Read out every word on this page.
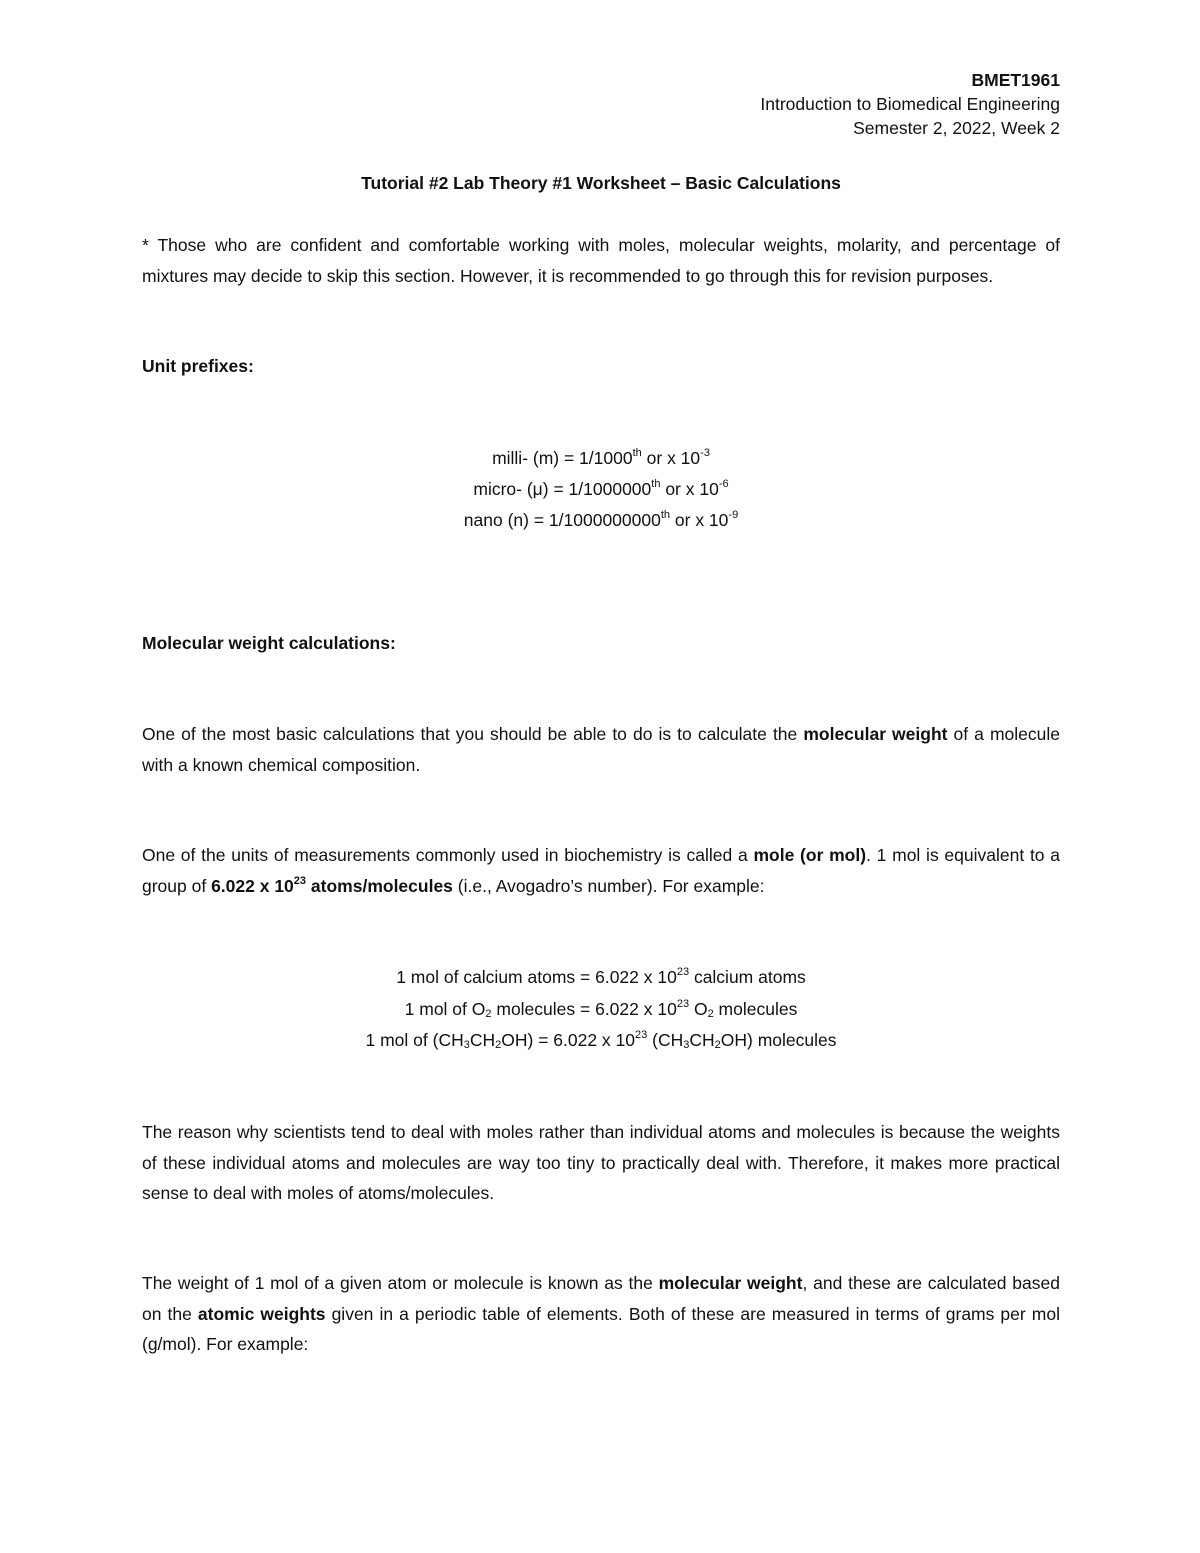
BMET1961
Introduction to Biomedical Engineering
Semester 2, 2022, Week 2
Tutorial #2 Lab Theory #1 Worksheet – Basic Calculations
* Those who are confident and comfortable working with moles, molecular weights, molarity, and percentage of mixtures may decide to skip this section. However, it is recommended to go through this for revision purposes.
Unit prefixes:
milli- (m) = 1/1000th or x $10^{-3}$
micro- (μ) = 1/1000000th or x $10^{-6}$
nano (n) = 1/1000000000th or x $10^{-9}$
Molecular weight calculations:
One of the most basic calculations that you should be able to do is to calculate the molecular weight of a molecule with a known chemical composition.
One of the units of measurements commonly used in biochemistry is called a mole (or mol). 1 mol is equivalent to a group of 6.022 x $10^{23}$ atoms/molecules (i.e., Avogadro’s number). For example:
1 mol of calcium atoms = 6.022 x $10^{23}$ calcium atoms
1 mol of $O_2$ molecules = 6.022 x $10^{23}$ $O_2$ molecules
1 mol of $(CH_3CH_2OH) = 6.022$ x $10^{23}$ $(CH_3CH_2OH)$ molecules
The reason why scientists tend to deal with moles rather than individual atoms and molecules is because the weights of these individual atoms and molecules are way too tiny to practically deal with. Therefore, it makes more practical sense to deal with moles of atoms/molecules.
The weight of 1 mol of a given atom or molecule is known as the molecular weight, and these are calculated based on the atomic weights given in a periodic table of elements. Both of these are measured in terms of grams per mol (g/mol). For example:
